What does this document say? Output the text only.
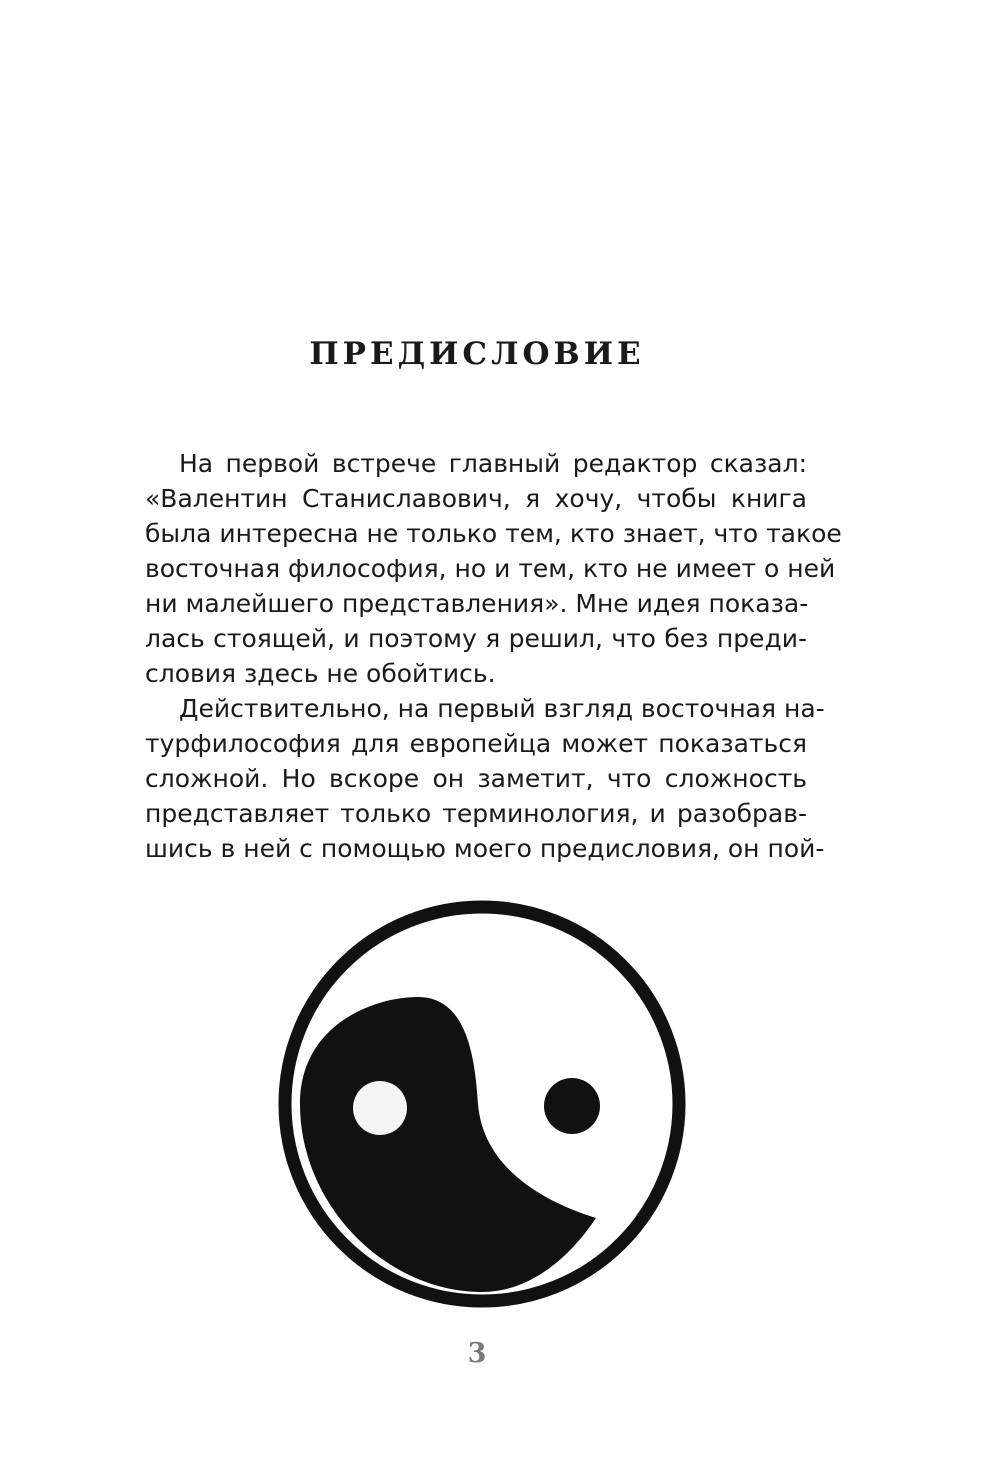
ПРЕДИСЛОВИЕ
На первой встрече главный редактор сказал:
«Валентин Станиславович, я хочу, чтобы книга
была интересна не только тем, кто знает, что такое
восточная философия, но и тем, кто не имеет о ней
ни малейшего представления». Мне идея показа-
лась стоящей, и поэтому я решил, что без преди-
словия здесь не обойтись.
Действительно, на первый взгляд восточная на-
турфилософия для европейца может показаться
сложной. Но вскоре он заметит, что сложность
представляет только терминология, и разобрав-
шись в ней с помощью моего предисловия, он пой-
3
